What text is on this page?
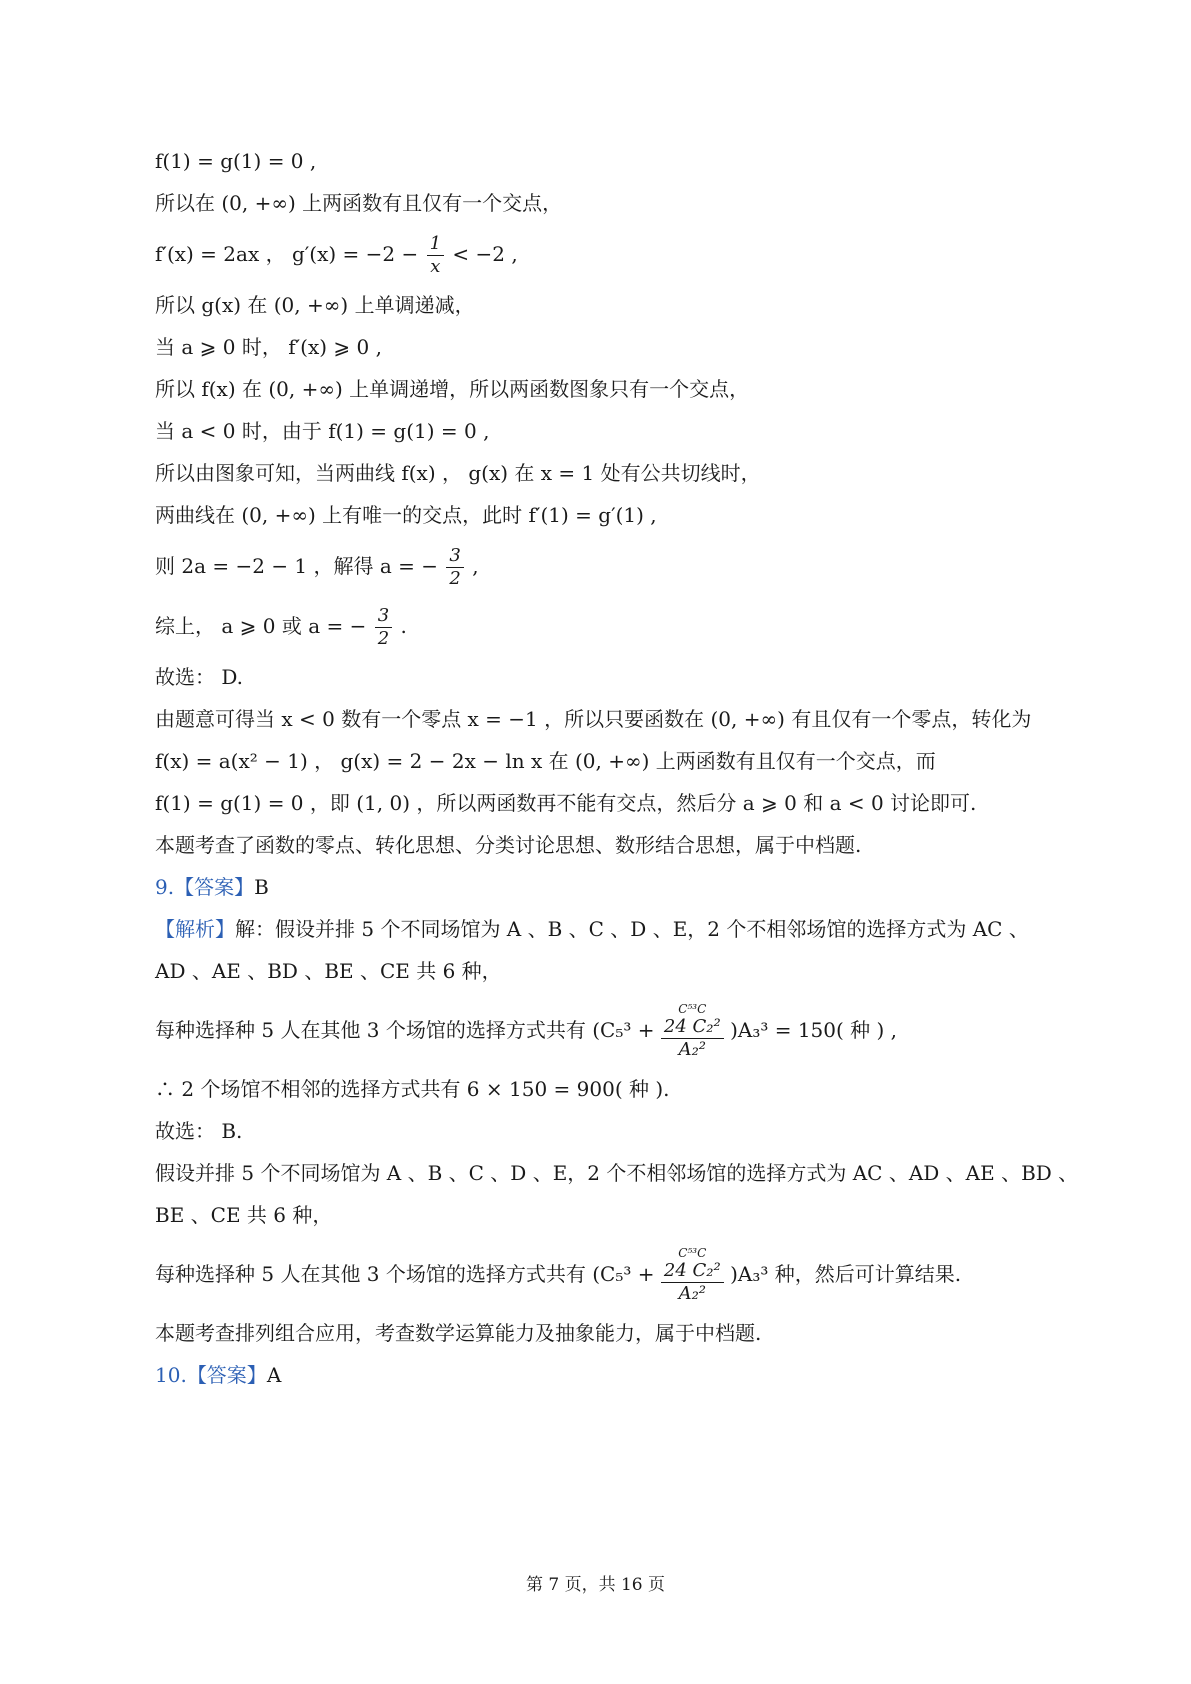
f(1) = g(1) = 0 ,
所以在 (0, +∞) 上两函数有且仅有一个交点，
f′(x) = 2ax ， $g'(x) = -2 - \frac{1}{x} < -2$ ,
所以 g(x) 在 (0, +∞) 上单调递减，
当 a ⩾ 0 时， f′(x) ⩾ 0 ,
所以 f(x) 在 (0, +∞) 上单调递增，所以两函数图象只有一个交点，
当 a < 0 时，由于 f(1) = g(1) = 0 ,
所以由图象可知，当两曲线 f(x) ， g(x) 在 x = 1 处有公共切线时，
两曲线在 (0, +∞) 上有唯一的交点，此时 f′(1) = g′(1) ,
则 2a = −2 − 1 ，解得 a = − $\frac{3}{2}$ ,
综上， a ⩾ 0 或 a = − $\frac{3}{2}$ .
故选： D.
由题意可得当 x < 0 数有一个零点 x = −1 ，所以只要函数在 (0, +∞) 有且仅有一个零点，转化为
f(x) = a(x² − 1) ， g(x) = 2 − 2x − ln x 在 (0, +∞) 上两函数有且仅有一个交点，而
f(1) = g(1) = 0 ，即 (1, 0) ，所以两函数再不能有交点，然后分 a ⩾ 0 和 a < 0 讨论即可.
本题考查了函数的零点、转化思想、分类讨论思想、数形结合思想，属于中档题.
9.【答案】B
【解析】解：假设并排 5 个不同场馆为 A 、B 、C 、D 、E，2 个不相邻场馆的选择方式为 AC 、
AD 、AE 、BD 、BE 、CE 共 6 种，
每种选择种 5 人在其他 3 个场馆的选择方式共有 (C₅³ +
C⁵³C
24 C₂²
A₂²
)A₃³ = 150( 种 ) ,
∴ 2 个场馆不相邻的选择方式共有 6 × 150 = 900( 种 ).
故选： B.
假设并排 5 个不同场馆为 A 、B 、C 、D 、E，2 个不相邻场馆的选择方式为 AC 、AD 、AE 、BD 、
BE 、CE 共 6 种，
每种选择种 5 人在其他 3 个场馆的选择方式共有 (C₅³ +
C⁵³C
24 C₂²
A₂²
)A₃³ 种，然后可计算结果.
本题考查排列组合应用，考查数学运算能力及抽象能力，属于中档题.
10.【答案】A
第 7 页，共 16 页
